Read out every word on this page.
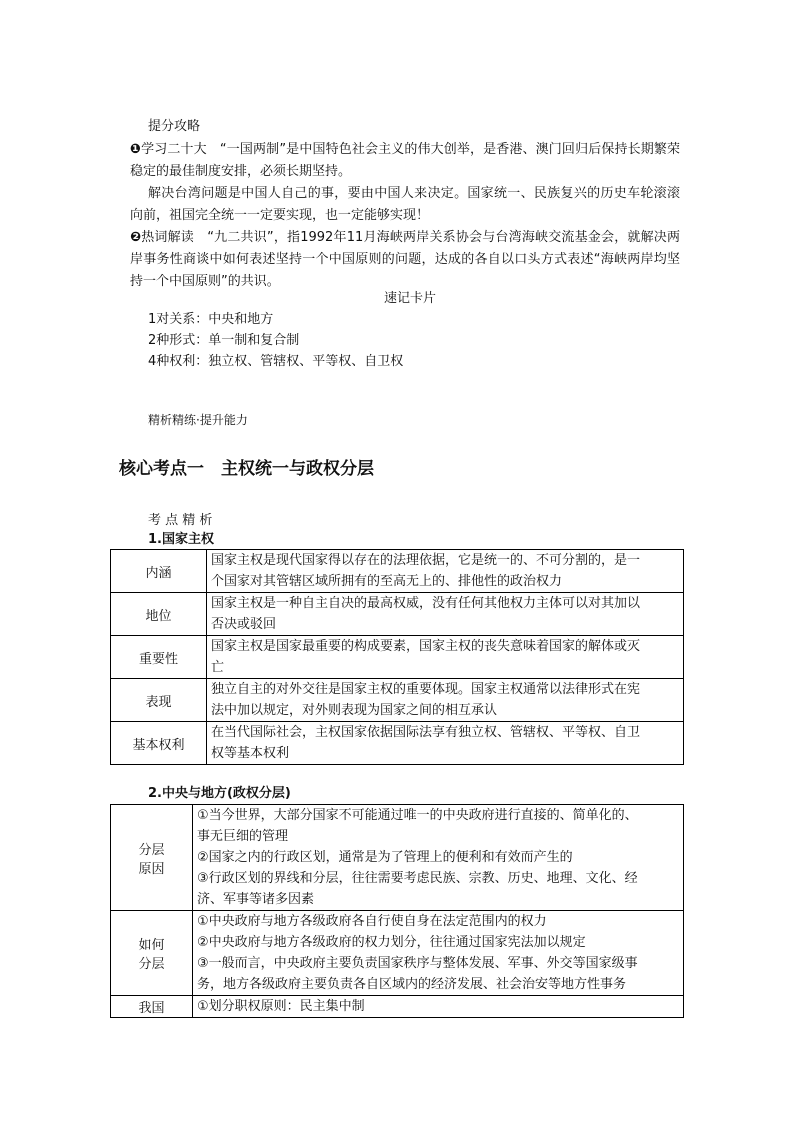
提分攻略
❶学习二十大　“一国两制”是中国特色社会主义的伟大创举，是香港、澳门回归后保持长期繁荣稳定的最佳制度安排，必须长期坚持。
解决台湾问题是中国人自己的事，要由中国人来决定。国家统一、民族复兴的历史车轮滚滚向前，祖国完全统一一定要实现，也一定能够实现！
❷热词解读　“九二共识”，指1992年11月海峡两岸关系协会与台湾海峡交流基金会，就解决两岸事务性商谈中如何表述坚持一个中国原则的问题，达成的各自以口头方式表述“海峡两岸均坚持一个中国原则”的共识。
速记卡片
1对关系：中央和地方
2种形式：单一制和复合制
4种权利：独立权、管辖权、平等权、自卫权
精析精练·提升能力
核心考点一　主权统一与政权分层
考 点 精 析
1.国家主权
内涵	国家主权是现代国家得以存在的法理依据，它是统一的、不可分割的，是一
个国家对其管辖区域所拥有的至高无上的、排他性的政治权力

地位	国家主权是一种自主自决的最高权威，没有任何其他权力主体可以对其加以
否决或驳回

重要性	国家主权是国家最重要的构成要素，国家主权的丧失意味着国家的解体或灭
亡

表现	独立自主的对外交往是国家主权的重要体现。国家主权通常以法律形式在宪
法中加以规定，对外则表现为国家之间的相互承认

基本权利	在当代国际社会，主权国家依据国际法享有独立权、管辖权、平等权、自卫
权等基本权利
2.中央与地方(政权分层)
分层
原因	①当今世界，大部分国家不可能通过唯一的中央政府进行直接的、简单化的、
事无巨细的管理
②国家之内的行政区划，通常是为了管理上的便利和有效而产生的
③行政区划的界线和分层，往往需要考虑民族、宗教、历史、地理、文化、经
济、军事等诸多因素

如何
分层	①中央政府与地方各级政府各自行使自身在法定范围内的权力
②中央政府与地方各级政府的权力划分，往往通过国家宪法加以规定
③一般而言，中央政府主要负责国家秩序与整体发展、军事、外交等国家级事
务，地方各级政府主要负责各自区域内的经济发展、社会治安等地方性事务

我国	①划分职权原则：民主集中制
